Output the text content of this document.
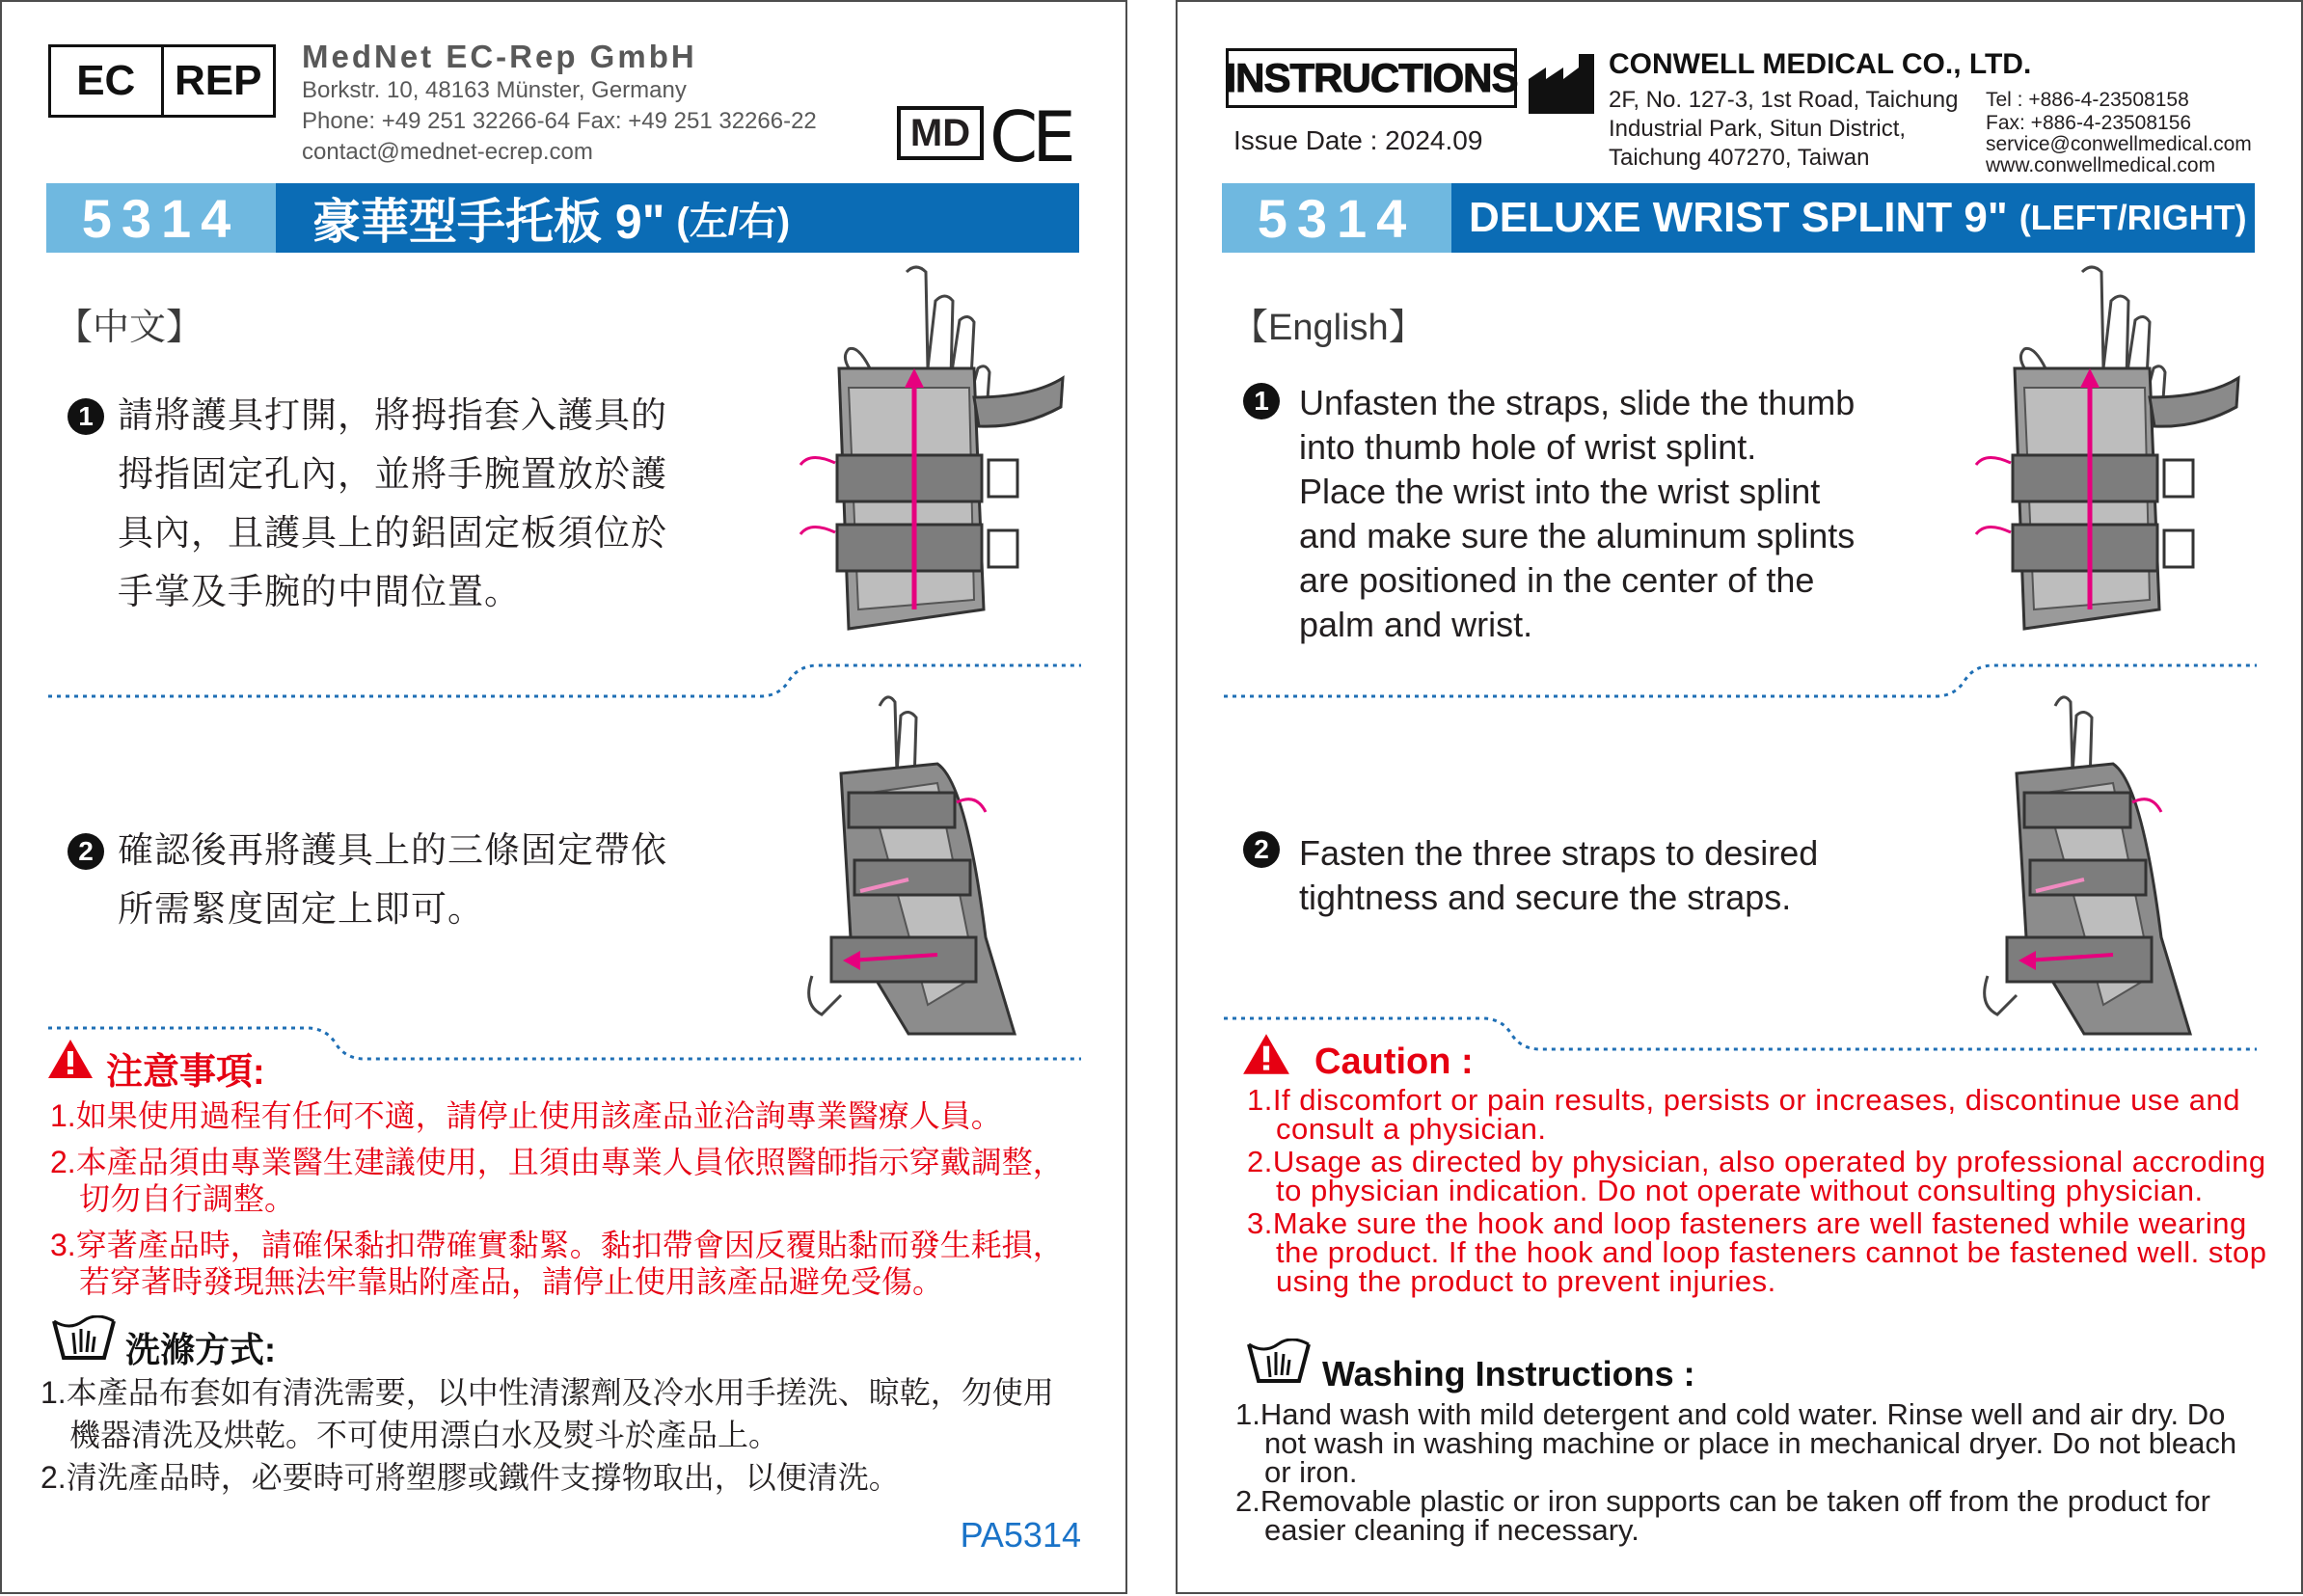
EC REP
MedNet EC-Rep GmbH
Borkstr. 10, 48163 Münster, Germany
Phone: +49 251 32266-64 Fax: +49 251 32266-22
contact@mednet-ecrep.com	MD CE
5314	豪華型手托板 9" (左/右)
【中文】
1 請將護具打開，將拇指套入護具的
拇指固定孔內，並將手腕置放於護
具內，且護具上的鋁固定板須位於
手掌及手腕的中間位置。
2 確認後再將護具上的三條固定帶依
所需緊度固定上即可。
注意事項:

1.如果使用過程有任何不適，請停止使用該產品並洽詢專業醫療人員。

2.本產品須由專業醫生建議使用，且須由專業人員依照醫師指示穿戴調整，切勿自行調整。

3.穿著產品時，請確保黏扣帶確實黏緊。黏扣帶會因反覆貼黏而發生耗損，若穿著時發現無法牢靠貼附產品，請停止使用該產品避免受傷。

洗滌方式:

1.本產品布套如有清洗需要，以中性清潔劑及冷水用手搓洗、晾乾，勿使用機器清洗及烘乾。不可使用漂白水及熨斗於產品上。

2.清洗產品時，必要時可將塑膠或鐵件支撐物取出，以便清洗。

PA5314
INSTRUCTIONS
Issue Date : 2024.09
CONWELL MEDICAL CO., LTD.
2F, No. 127-3, 1st Road, Taichung
Industrial Park, Situn District,
Taichung 407270, Taiwan
Tel : +886-4-23508158
Fax: +886-4-23508156
service@conwellmedical.com
www.conwellmedical.com
5314	DELUXE WRIST SPLINT 9" (LEFT/RIGHT)
【English】
1 Unfasten the straps, slide the thumb
into thumb hole of wrist splint.
Place the wrist into the wrist splint
and make sure the aluminum splints
are positioned in the center of the
palm and wrist.
2 Fasten the three straps to desired
tightness and secure the straps.
Caution :

1.If discomfort or pain results, persists or increases, discontinue use and consult a physician.

2.Usage as directed by physician, also operated by professional accroding to physician indication. Do not operate without consulting physician.

3.Make sure the hook and loop fasteners are well fastened while wearing the product. If the hook and loop fasteners cannot be fastened well. stop using the product to prevent injuries.

Washing Instructions :

1.Hand wash with mild detergent and cold water. Rinse well and air dry. Do not wash in washing machine or place in mechanical dryer. Do not bleach or iron.

2.Removable plastic or iron supports can be taken off from the product for easier cleaning if necessary.
